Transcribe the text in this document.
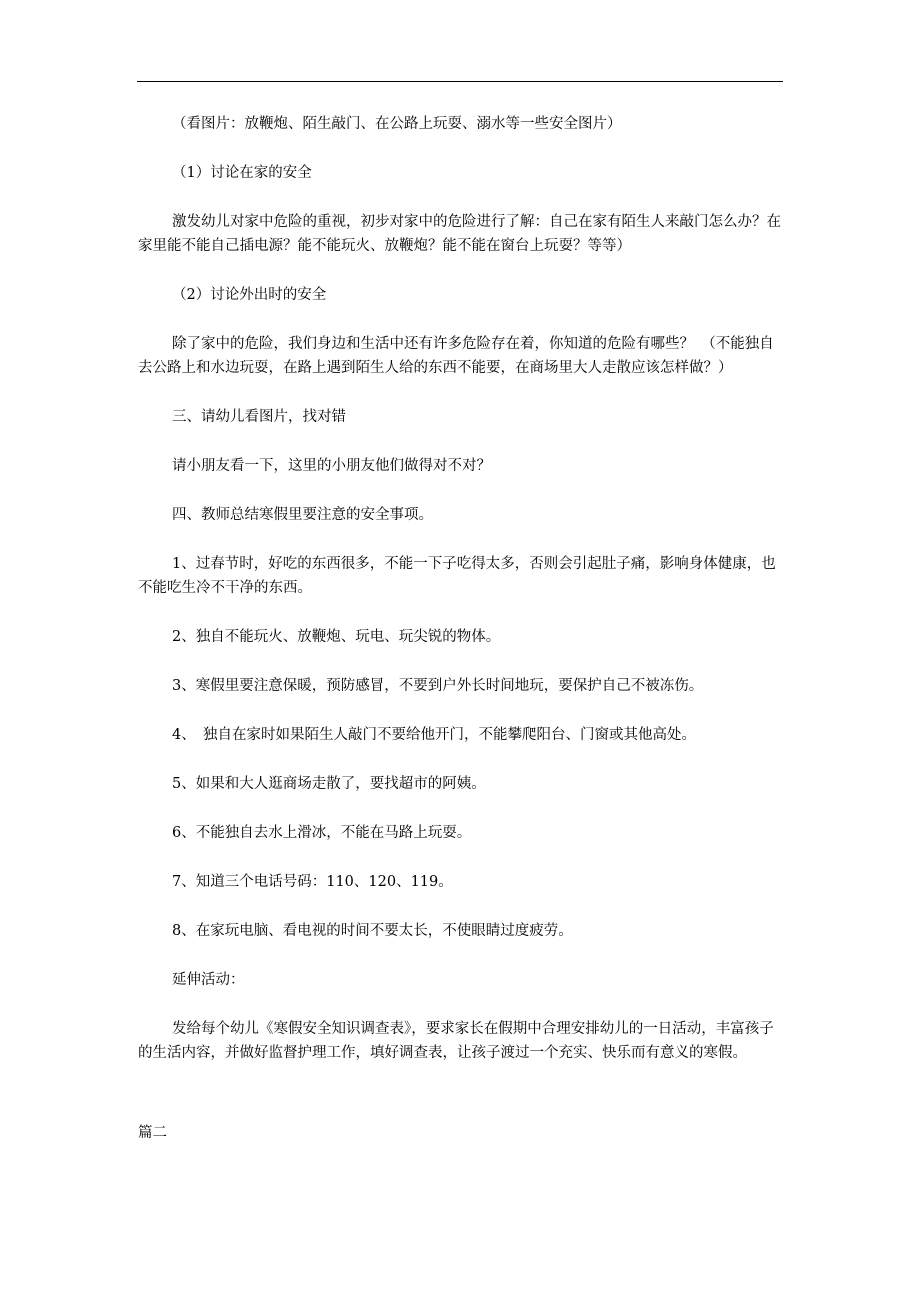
（看图片：放鞭炮、陌生敲门、在公路上玩耍、溺水等一些安全图片）

（1）讨论在家的安全

激发幼儿对家中危险的重视，初步对家中的危险进行了解：自己在家有陌生人来敲门怎么办？在家里能不能自己插电源？能不能玩火、放鞭炮？能不能在窗台上玩耍？等等）

（2）讨论外出时的安全

除了家中的危险，我们身边和生活中还有许多危险存在着，你知道的危险有哪些？　（不能独自去公路上和水边玩耍，在路上遇到陌生人给的东西不能要，在商场里大人走散应该怎样做？）

三、请幼儿看图片，找对错

请小朋友看一下，这里的小朋友他们做得对不对？

四、教师总结寒假里要注意的安全事项。

1、过春节时，好吃的东西很多，不能一下子吃得太多，否则会引起肚子痛，影响身体健康，也不能吃生冷不干净的东西。

2、独自不能玩火、放鞭炮、玩电、玩尖锐的物体。

3、寒假里要注意保暖，预防感冒，不要到户外长时间地玩，要保护自己不被冻伤。

4、　独自在家时如果陌生人敲门不要给他开门，不能攀爬阳台、门窗或其他高处。

5、如果和大人逛商场走散了，要找超市的阿姨。

6、不能独自去水上滑冰，不能在马路上玩耍。

7、知道三个电话号码：110、120、119。

8、在家玩电脑、看电视的时间不要太长，不使眼睛过度疲劳。

延伸活动：

发给每个幼儿《寒假安全知识调查表》，要求家长在假期中合理安排幼儿的一日活动，丰富孩子的生活内容，并做好监督护理工作，填好调查表，让孩子渡过一个充实、快乐而有意义的寒假。

篇二
